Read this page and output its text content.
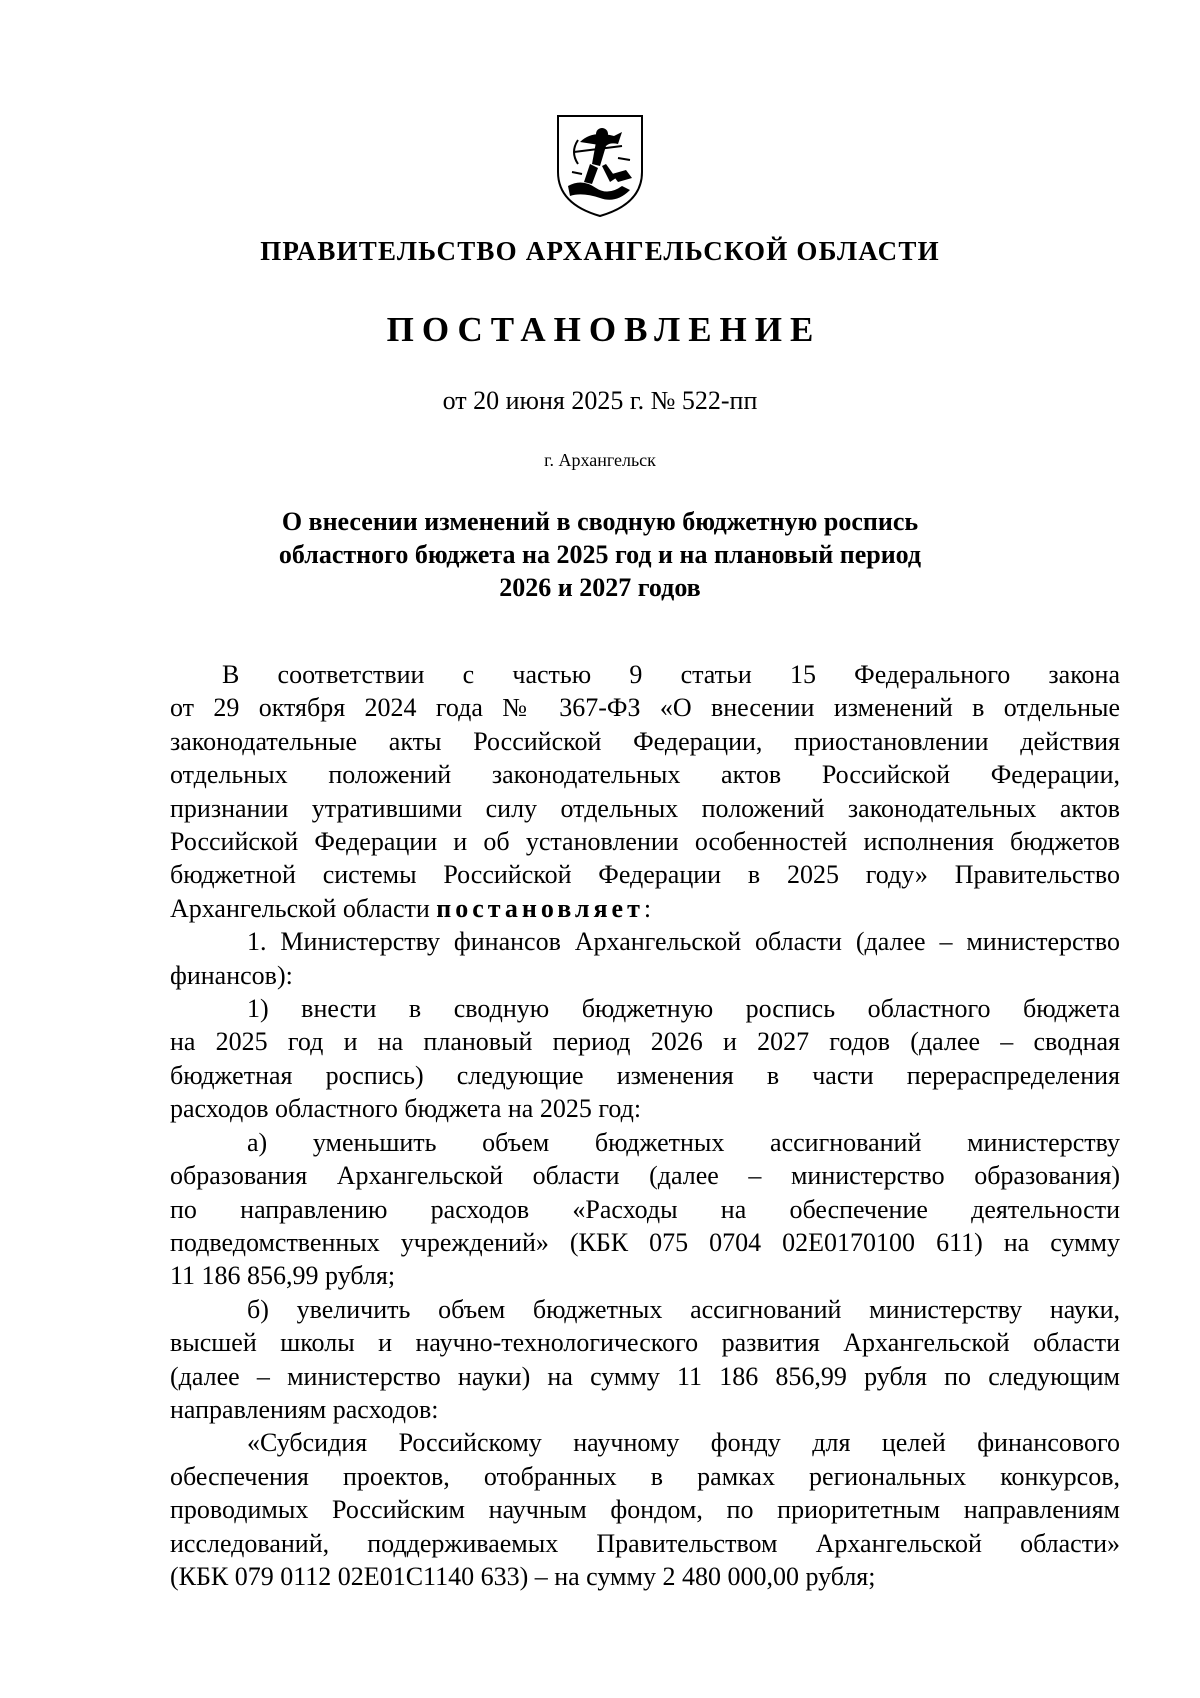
ПРАВИТЕЛЬСТВО АРХАНГЕЛЬСКОЙ ОБЛАСТИ
ПОСТАНОВЛЕНИЕ
от 20 июня 2025 г. № 522-пп
г. Архангельск
О внесении изменений в сводную бюджетную роспись
областного бюджета на 2025 год и на плановый период
2026 и 2027 годов
В соответствии с частью 9 статьи 15 Федерального закона
от 29 октября 2024 года № 367-ФЗ «О внесении изменений в отдельные
законодательные акты Российской Федерации, приостановлении действия
отдельных положений законодательных актов Российской Федерации,
признании утратившими силу отдельных положений законодательных актов
Российской Федерации и об установлении особенностей исполнения бюджетов
бюджетной системы Российской Федерации в 2025 году» Правительство
Архангельской области постановляет:
1. Министерству финансов Архангельской области (далее – министерство
финансов):
1) внести в сводную бюджетную роспись областного бюджета
на 2025 год и на плановый период 2026 и 2027 годов (далее – сводная
бюджетная роспись) следующие изменения в части перераспределения
расходов областного бюджета на 2025 год:
а) уменьшить объем бюджетных ассигнований министерству
образования Архангельской области (далее – министерство образования)
по направлению расходов «Расходы на обеспечение деятельности
подведомственных учреждений» (КБК 075 0704 02Е0170100 611) на сумму
11 186 856,99 рубля;
б) увеличить объем бюджетных ассигнований министерству науки,
высшей школы и научно-технологического развития Архангельской области
(далее – министерство науки) на сумму 11 186 856,99 рубля по следующим
направлениям расходов:
«Субсидия Российскому научному фонду для целей финансового
обеспечения проектов, отобранных в рамках региональных конкурсов,
проводимых Российским научным фондом, по приоритетным направлениям
исследований, поддерживаемых Правительством Архангельской области»
(КБК 079 0112 02Е01С1140 633) – на сумму 2 480 000,00 рубля;
